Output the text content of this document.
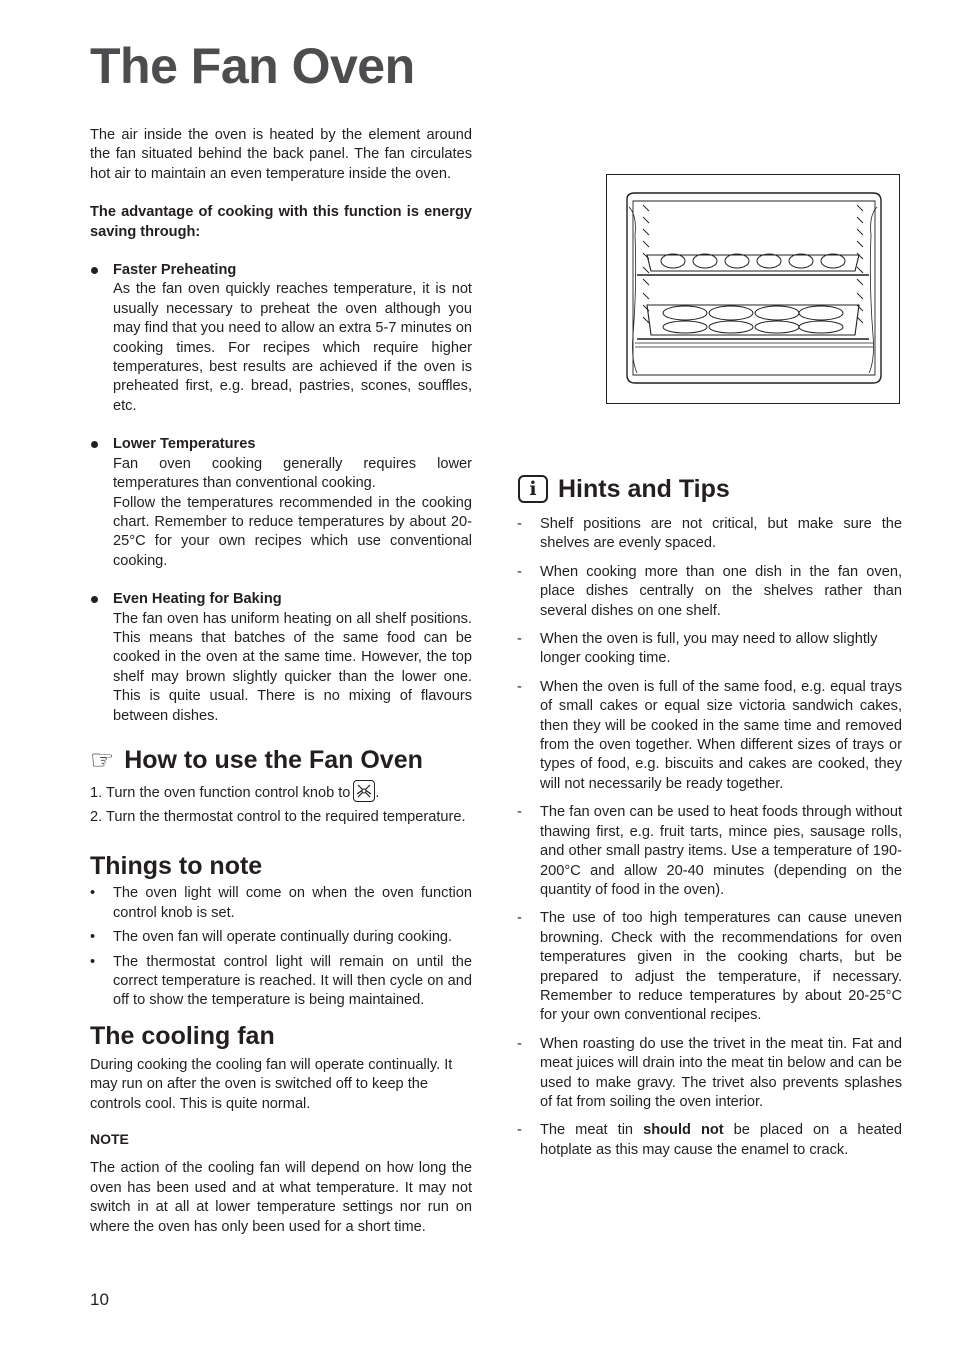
The Fan Oven

The air inside the oven is heated by the element around the fan situated behind the back panel. The fan circulates hot air to maintain an even temperature inside the oven.

The advantage of cooking with this function is energy saving through:

Faster Preheating

As the fan oven quickly reaches temperature, it is not usually necessary to preheat the oven although you may find that you need to allow an extra 5-7 minutes on cooking times. For recipes which require higher temperatures, best results are achieved if the oven is preheated first, e.g. bread, pastries, scones, souffles, etc.

Lower Temperatures

Fan oven cooking generally requires lower temperatures than conventional cooking.

Follow the temperatures recommended in the cooking chart. Remember to reduce temperatures by about 20-25°C for your own recipes which use conventional cooking.

Even Heating for Baking

The fan oven has uniform heating on all shelf positions. This means that batches of the same food can be cooked in the oven at the same time. However, the top shelf may brown slightly quicker than the lower one. This is quite usual. There is no mixing of flavours between dishes.

☞ How to use the Fan Oven

1. Turn the oven function control knob to .

2. Turn the thermostat control to the required temperature.

Things to note
• The oven light will come on when the oven function control knob is set.

• The oven fan will operate continually during cooking.

• The thermostat control light will remain on until the correct temperature is reached. It will then cycle on and off to show the temperature is being maintained.

The cooling fan

During cooking the cooling fan will operate continually. It may run on after the oven is switched off to keep the controls cool. This is quite normal.

NOTE

The action of the cooling fan will depend on how long the oven has been used and at what temperature. It may not switch in at all at lower temperature settings nor run on where the oven has only been used for a short time.

i Hints and Tips
- Shelf positions are not critical, but make sure the shelves are evenly spaced.

- When cooking more than one dish in the fan oven, place dishes centrally on the shelves rather than several dishes on one shelf.

- When the oven is full, you may need to allow slightly longer cooking time.

- When the oven is full of the same food, e.g. equal trays of small cakes or equal size victoria sandwich cakes, then they will be cooked in the same time and removed from the oven together. When different sizes of trays or types of food, e.g. biscuits and cakes are cooked, they will not necessarily be ready together.

- The fan oven can be used to heat foods through without thawing first, e.g. fruit tarts, mince pies, sausage rolls, and other small pastry items. Use a temperature of 190-200°C and allow 20-40 minutes (depending on the quantity of food in the oven).

- The use of too high temperatures can cause uneven browning. Check with the recommendations for oven temperatures given in the cooking charts, but be prepared to adjust the temperature, if necessary. Remember to reduce temperatures by about 20-25°C for your own conventional recipes.

- When roasting do use the trivet in the meat tin. Fat and meat juices will drain into the meat tin below and can be used to make gravy. The trivet also prevents splashes of fat from soiling the oven interior.

- The meat tin should not be placed on a heated hotplate as this may cause the enamel to crack.

10
